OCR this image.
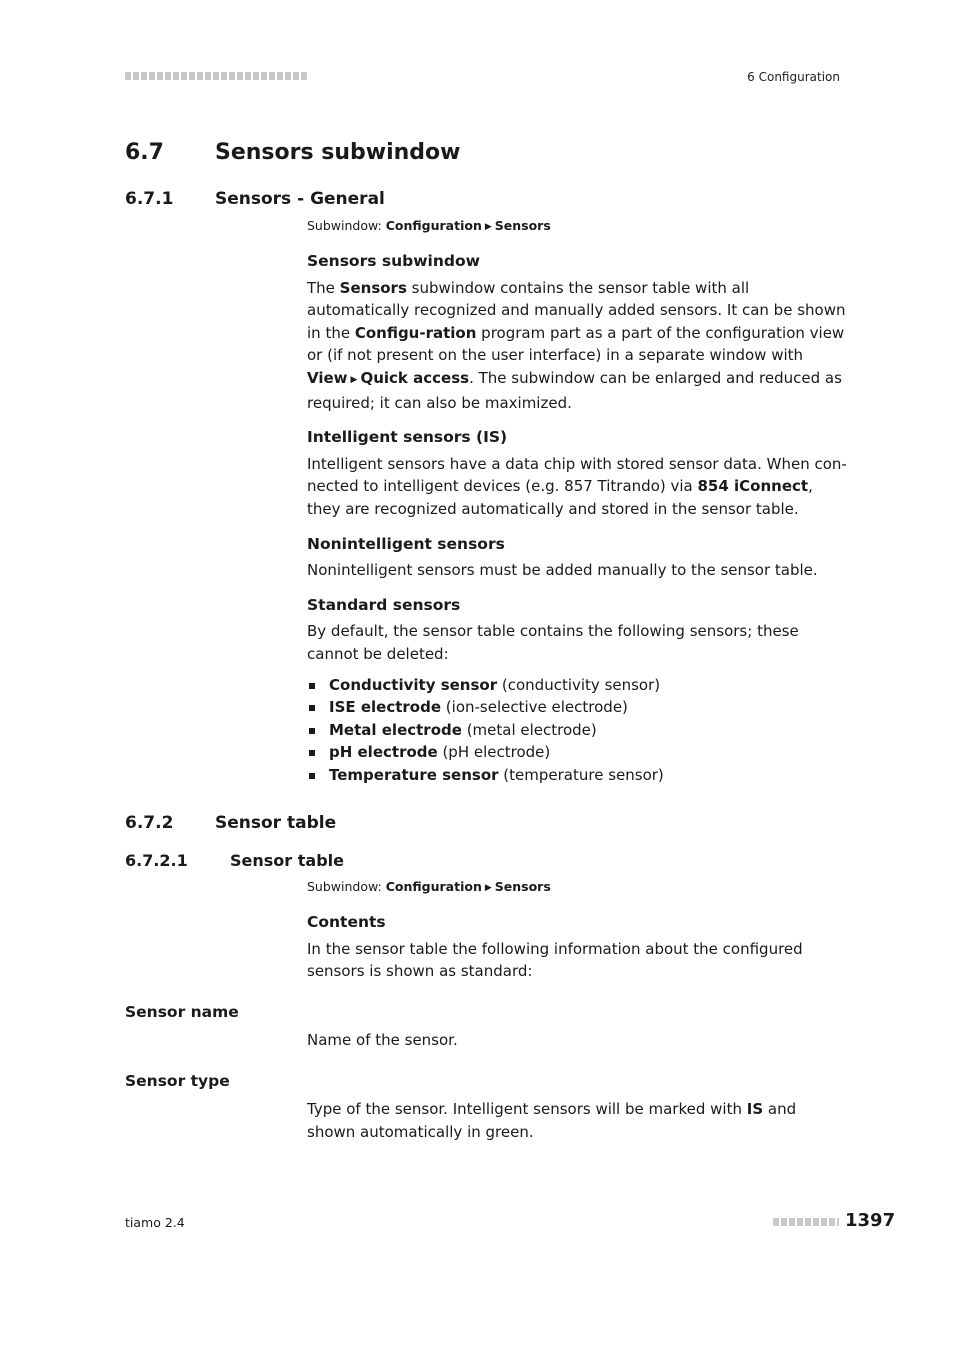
6 Configuration
6.7 Sensors subwindow
6.7.1 Sensors - General
Subwindow: Configuration ▶ Sensors
Sensors subwindow

The Sensors subwindow contains the sensor table with all automatically recognized and manually added sensors. It can be shown in the Configu-ration program part as a part of the configuration view or (if not present on the user interface) in a separate window with View ▶ Quick access. The subwindow can be enlarged and reduced as required; it can also be maximized.

Intelligent sensors (IS)

Intelligent sensors have a data chip with stored sensor data. When con-nected to intelligent devices (e.g. 857 Titrando) via 854 iConnect, they are recognized automatically and stored in the sensor table.

Nonintelligent sensors

Nonintelligent sensors must be added manually to the sensor table.

Standard sensors

By default, the sensor table contains the following sensors; these cannot be deleted:

Conductivity sensor (conductivity sensor)
ISE electrode (ion-selective electrode)
Metal electrode (metal electrode)
pH electrode (pH electrode)
Temperature sensor (temperature sensor)
6.7.2 Sensor table
6.7.2.1	Sensor table
Subwindow: Configuration ▶ Sensors
Contents

In the sensor table the following information about the configured sensors is shown as standard:

Sensor name
Name of the sensor.
Sensor type
Type of the sensor. Intelligent sensors will be marked with IS and shown automatically in green.
tiamo 2.4	1397
